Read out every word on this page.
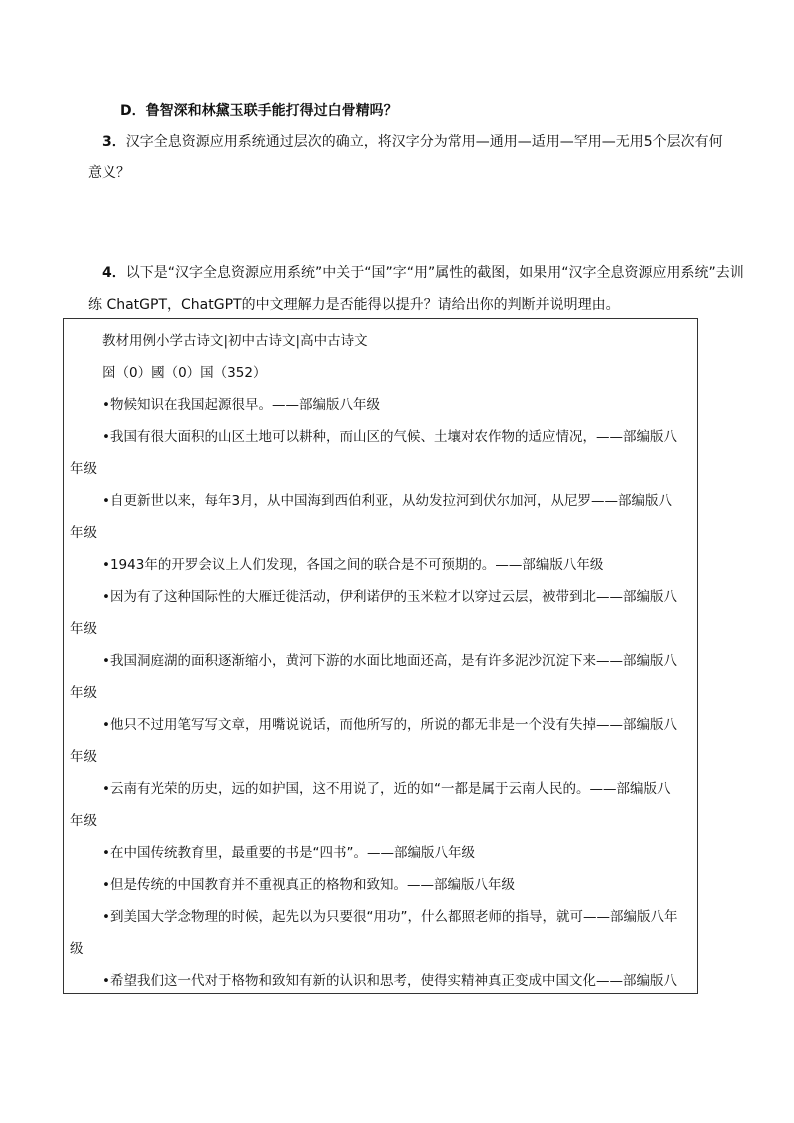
D．鲁智深和林黛玉联手能打得过白骨精吗？

3．汉字全息资源应用系统通过层次的确立，将汉字分为常用—通用—适用—罕用—无用5个层次有何

意义？

4．以下是“汉字全息资源应用系统”中关于“国”字“用”属性的截图，如果用“汉字全息资源应用系统”去训

练 ChatGPT，ChatGPT的中文理解力是否能得以提升？请给出你的判断并说明理由。

教材用例小学古诗文|初中古诗文|高中古诗文

囶（0）國（0）国（352）

•物候知识在我国起源很早。——部编版八年级

•我国有很大面积的山区土地可以耕种，而山区的气候、土壤对农作物的适应情况，——部编版八

年级

•自更新世以来，每年3月，从中国海到西伯利亚，从幼发拉河到伏尔加河，从尼罗——部编版八

年级

•1943年的开罗会议上人们发现，各国之间的联合是不可预期的。——部编版八年级

•因为有了这种国际性的大雁迁徙活动，伊利诺伊的玉米粒才以穿过云层，被带到北——部编版八

年级

•我国洞庭湖的面积逐渐缩小，黄河下游的水面比地面还高，是有许多泥沙沉淀下来——部编版八

年级

•他只不过用笔写写文章，用嘴说说话，而他所写的，所说的都无非是一个没有失掉——部编版八

年级

•云南有光荣的历史，远的如护国，这不用说了，近的如“一都是属于云南人民的。——部编版八

年级

•在中国传统教育里，最重要的书是“四书”。——部编版八年级

•但是传统的中国教育并不重视真正的格物和致知。——部编版八年级

•到美国大学念物理的时候，起先以为只要很“用功”，什么都照老师的指导，就可——部编版八年

级

•希望我们这一代对于格物和致知有新的认识和思考，使得实精神真正变成中国文化——部编版八
